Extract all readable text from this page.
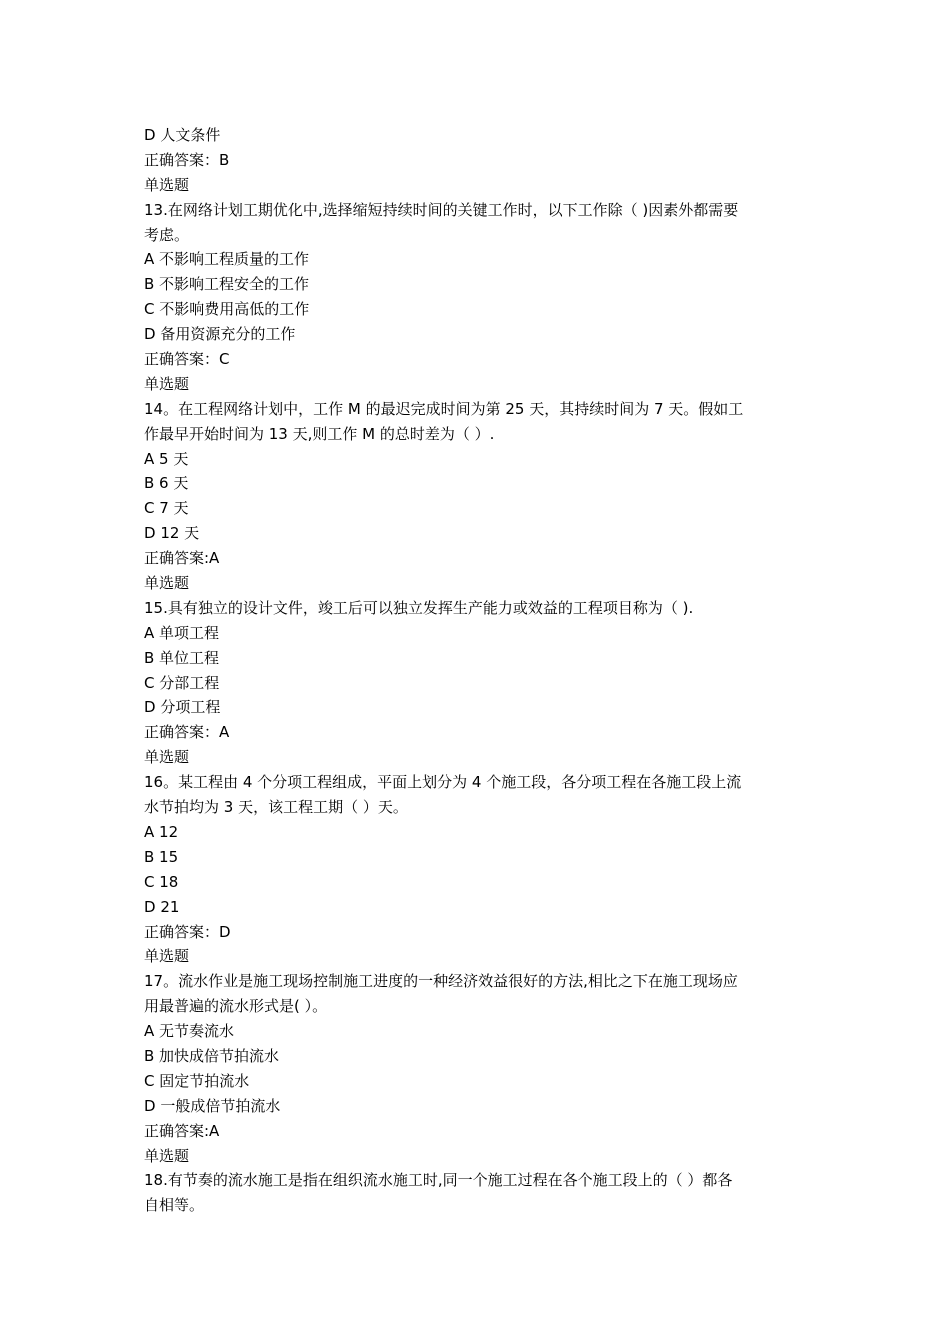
D 人文条件
正确答案：B
单选题
13.在网络计划工期优化中,选择缩短持续时间的关键工作时，以下工作除（ )因素外都需要
考虑。
A 不影响工程质量的工作
B 不影响工程安全的工作
C 不影响费用高低的工作
D 备用资源充分的工作
正确答案：C
单选题
14。在工程网络计划中，工作 M 的最迟完成时间为第 25 天，其持续时间为 7 天。假如工
作最早开始时间为 13 天,则工作 M 的总时差为（ ）.
A 5 天
B 6 天
C 7 天
D 12 天
正确答案:A
单选题
15.具有独立的设计文件，竣工后可以独立发挥生产能力或效益的工程项目称为（ ).
A 单项工程
B 单位工程
C 分部工程
D 分项工程
正确答案：A
单选题
16。某工程由 4 个分项工程组成，平面上划分为 4 个施工段，各分项工程在各施工段上流
水节拍均为 3 天，该工程工期（ ）天。
A 12
B 15
C 18
D 21
正确答案：D
单选题
17。流水作业是施工现场控制施工进度的一种经济效益很好的方法,相比之下在施工现场应
用最普遍的流水形式是( ）。
A 无节奏流水
B 加快成倍节拍流水
C 固定节拍流水
D 一般成倍节拍流水
正确答案:A
单选题
18.有节奏的流水施工是指在组织流水施工时,同一个施工过程在各个施工段上的（ ）都各
自相等。
